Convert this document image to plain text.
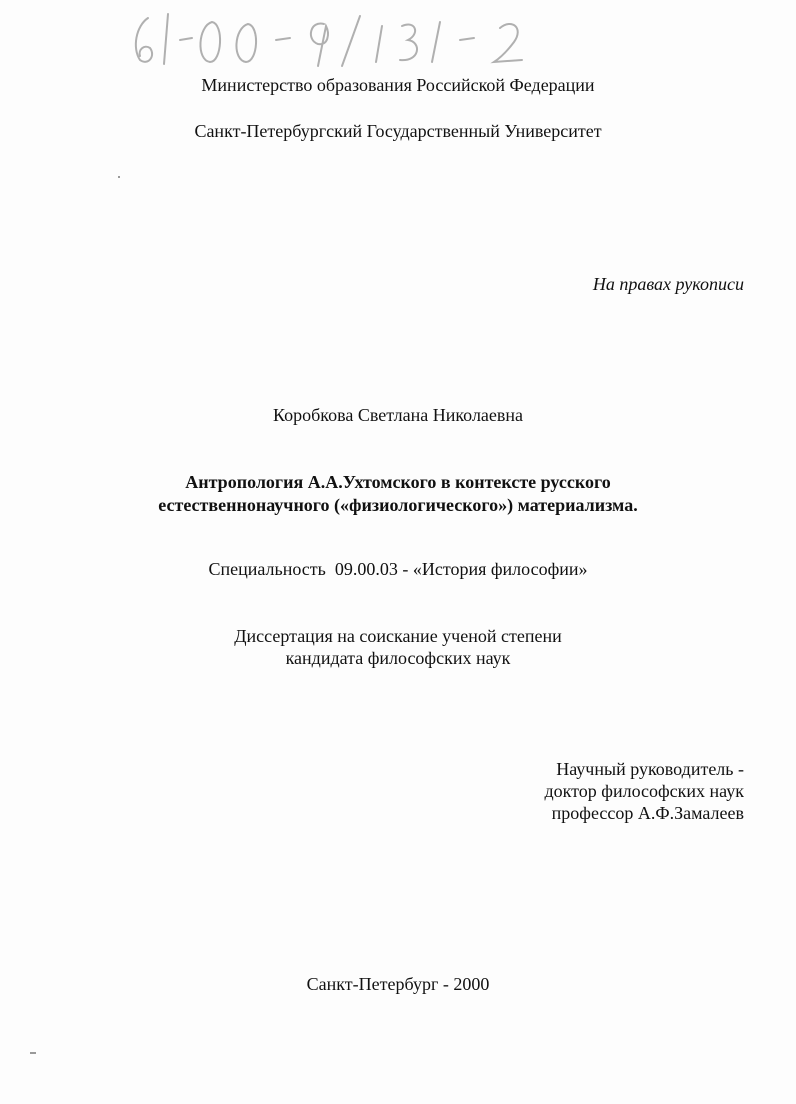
Министерство образования Российской Федерации
Санкт-Петербургский Государственный Университет
На правах рукописи
Коробкова Светлана Николаевна
Антропология А.А.Ухтомского в контексте русского
естественнонаучного («физиологического») материализма.
Специальность  09.00.03 - «История философии»
Диссертация на соискание ученой степени
кандидата философских наук
Научный руководитель -
доктор философских наук
профессор А.Ф.Замалеев
Санкт-Петербург - 2000
